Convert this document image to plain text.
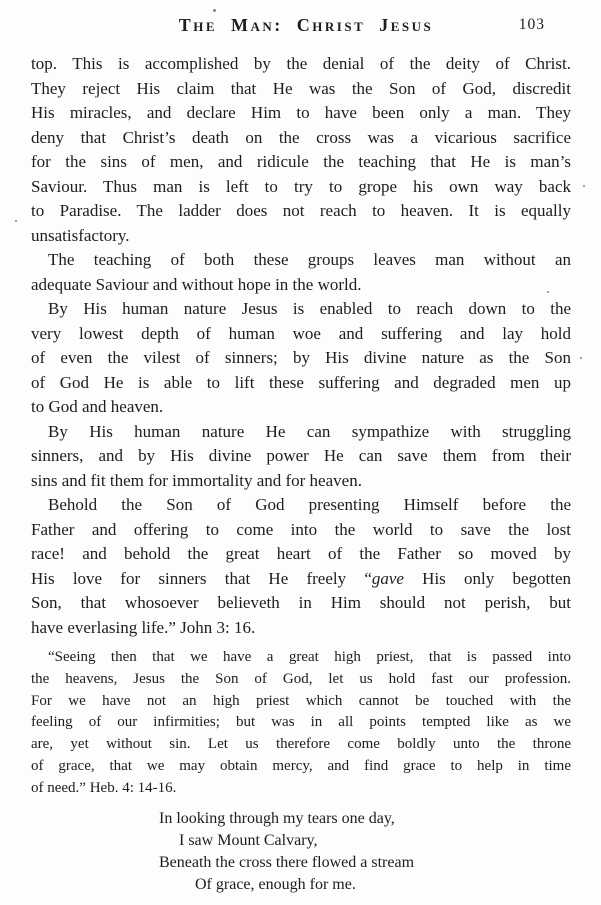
The Man: Christ Jesus	103
top. This is accomplished by the denial of the deity of Christ.
They reject His claim that He was the Son of God, discredit
His miracles, and declare Him to have been only a man. They
deny that Christ’s death on the cross was a vicarious sacrifice
for the sins of men, and ridicule the teaching that He is man’s
Saviour. Thus man is left to try to grope his own way back
to Paradise. The ladder does not reach to heaven. It is equally
unsatisfactory.
The teaching of both these groups leaves man without an
adequate Saviour and without hope in the world.
By His human nature Jesus is enabled to reach down to the
very lowest depth of human woe and suffering and lay hold
of even the vilest of sinners; by His divine nature as the Son
of God He is able to lift these suffering and degraded men up
to God and heaven.
By His human nature He can sympathize with struggling
sinners, and by His divine power He can save them from their
sins and fit them for immortality and for heaven.
Behold the Son of God presenting Himself before the
Father and offering to come into the world to save the lost
race! and behold the great heart of the Father so moved by
His love for sinners that He freely “gave His only begotten
Son, that whosoever believeth in Him should not perish, but
have everlasing life.” John 3: 16.
“Seeing then that we have a great high priest, that is passed into
the heavens, Jesus the Son of God, let us hold fast our profession.
For we have not an high priest which cannot be touched with the
feeling of our infirmities; but was in all points tempted like as we
are, yet without sin. Let us therefore come boldly unto the throne
of grace, that we may obtain mercy, and find grace to help in time
of need.” Heb. 4: 14-16.
In looking through my tears one day,
I saw Mount Calvary,
Beneath the cross there flowed a stream
Of grace, enough for me.
